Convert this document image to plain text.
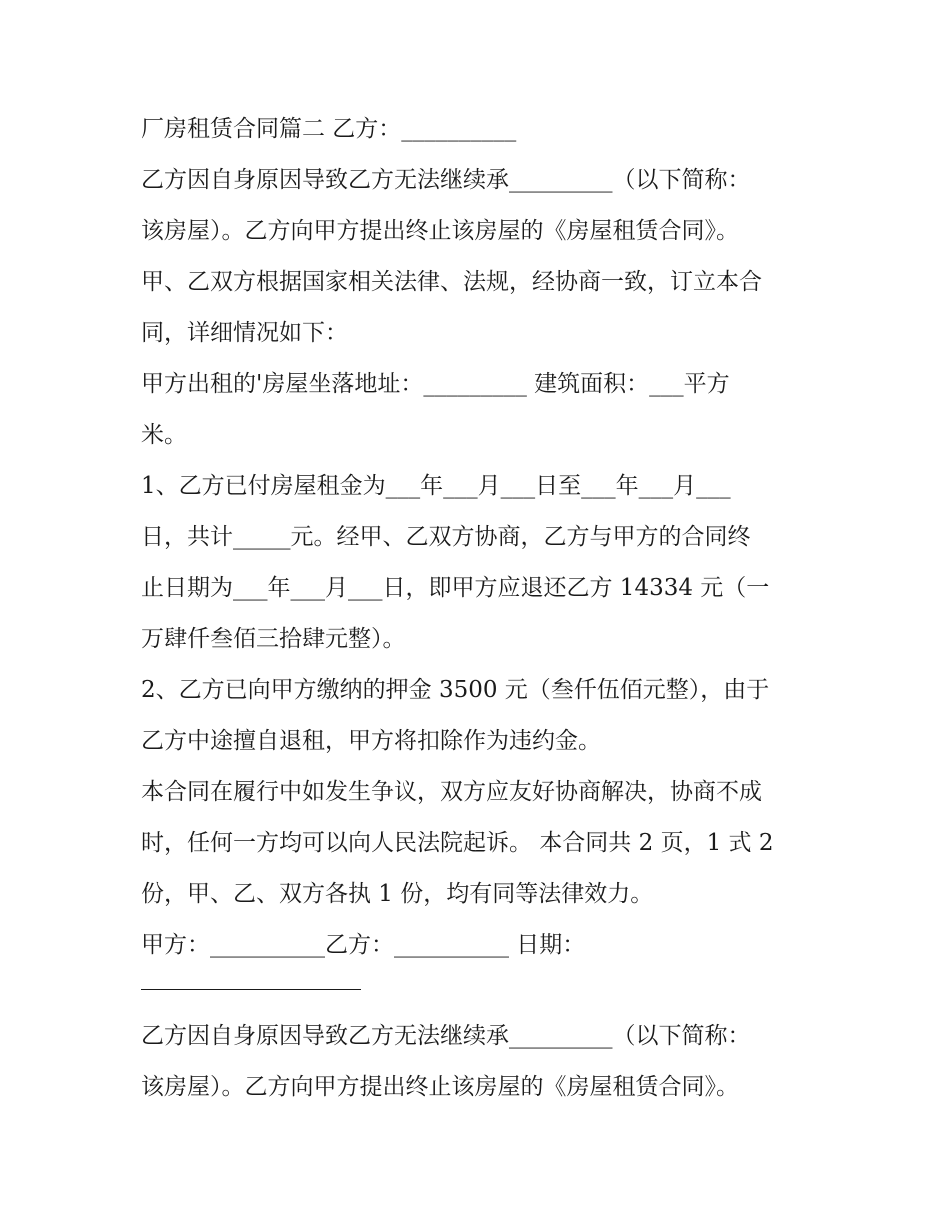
厂房租赁合同篇二 乙方：__________
乙方因自身原因导致乙方无法继续承_________（以下简称：
该房屋）。乙方向甲方提出终止该房屋的《房屋租赁合同》。
甲、乙双方根据国家相关法律、法规，经协商一致，订立本合
同，详细情况如下：
甲方出租的'房屋坐落地址：_________ 建筑面积：___平方
米。
1、乙方已付房屋租金为___年___月___日至___年___月___
日，共计_____元。经甲、乙双方协商，乙方与甲方的合同终
止日期为___年___月___日，即甲方应退还乙方 14334 元（一
万肆仟叁佰三拾肆元整）。
2、乙方已向甲方缴纳的押金 3500 元（叁仟伍佰元整），由于
乙方中途擅自退租，甲方将扣除作为违约金。
本合同在履行中如发生争议，双方应友好协商解决，协商不成
时，任何一方均可以向人民法院起诉。 本合同共 2 页，1 式 2
份，甲、乙、双方各执 1 份，均有同等法律效力。
甲方：__________乙方：__________ 日期：
乙方因自身原因导致乙方无法继续承_________（以下简称：
该房屋）。乙方向甲方提出终止该房屋的《房屋租赁合同》。
